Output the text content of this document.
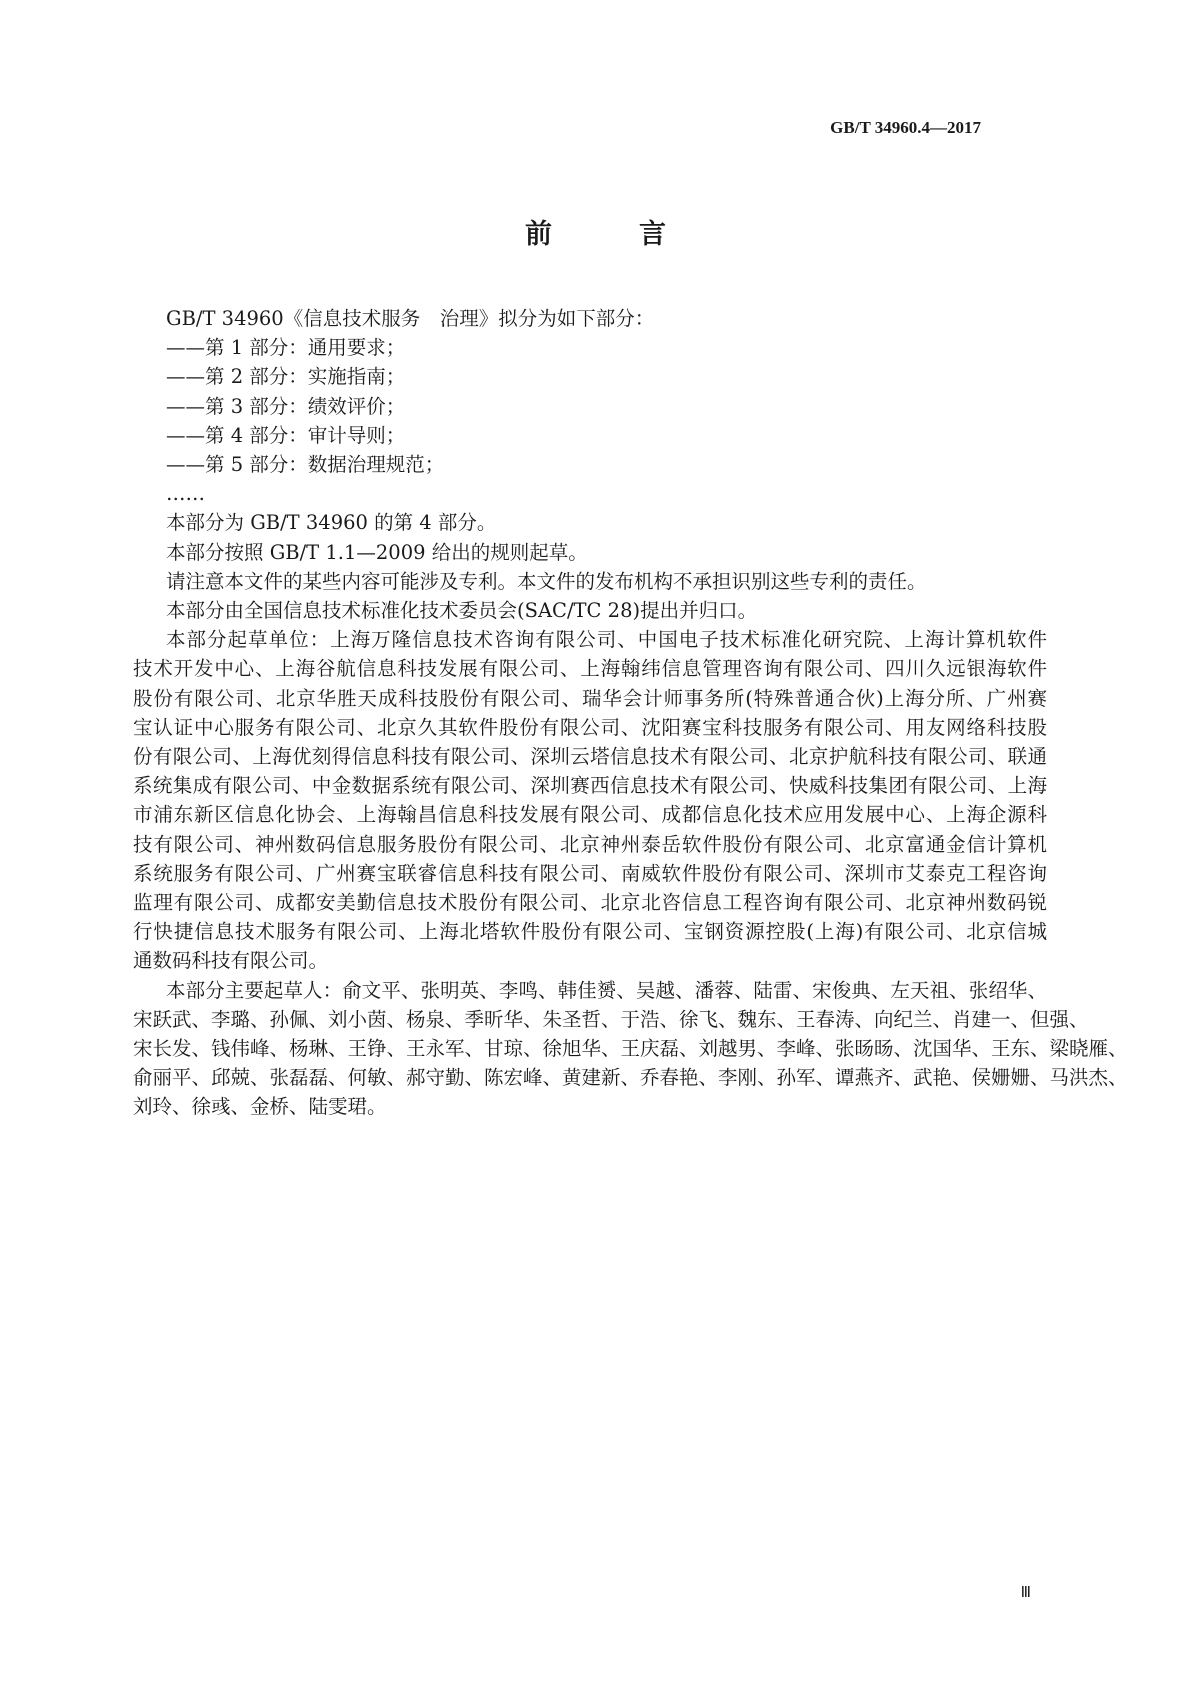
GB/T 34960.4—2017
前　言
GB/T 34960《信息技术服务　治理》拟分为如下部分：
——第 1 部分：通用要求；
——第 2 部分：实施指南；
——第 3 部分：绩效评价；
——第 4 部分：审计导则；
——第 5 部分：数据治理规范；
……
本部分为 GB/T 34960 的第 4 部分。
本部分按照 GB/T 1.1—2009 给出的规则起草。
请注意本文件的某些内容可能涉及专利。本文件的发布机构不承担识别这些专利的责任。
本部分由全国信息技术标准化技术委员会(SAC/TC 28)提出并归口。
本部分起草单位：上海万隆信息技术咨询有限公司、中国电子技术标准化研究院、上海计算机软件
技术开发中心、上海谷航信息科技发展有限公司、上海翰纬信息管理咨询有限公司、四川久远银海软件
股份有限公司、北京华胜天成科技股份有限公司、瑞华会计师事务所(特殊普通合伙)上海分所、广州赛
宝认证中心服务有限公司、北京久其软件股份有限公司、沈阳赛宝科技服务有限公司、用友网络科技股
份有限公司、上海优刻得信息科技有限公司、深圳云塔信息技术有限公司、北京护航科技有限公司、联通
系统集成有限公司、中金数据系统有限公司、深圳赛西信息技术有限公司、快威科技集团有限公司、上海
市浦东新区信息化协会、上海翰昌信息科技发展有限公司、成都信息化技术应用发展中心、上海企源科
技有限公司、神州数码信息服务股份有限公司、北京神州泰岳软件股份有限公司、北京富通金信计算机
系统服务有限公司、广州赛宝联睿信息科技有限公司、南威软件股份有限公司、深圳市艾泰克工程咨询
监理有限公司、成都安美勤信息技术股份有限公司、北京北咨信息工程咨询有限公司、北京神州数码锐
行快捷信息技术服务有限公司、上海北塔软件股份有限公司、宝钢资源控股(上海)有限公司、北京信城
通数码科技有限公司。
本部分主要起草人：俞文平、张明英、李鸣、韩佳赟、吴越、潘蓉、陆雷、宋俊典、左天祖、张绍华、
宋跃武、李璐、孙佩、刘小茵、杨泉、季昕华、朱圣哲、于浩、徐飞、魏东、王春涛、向纪兰、肖建一、但强、
宋长发、钱伟峰、杨琳、王铮、王永军、甘琼、徐旭华、王庆磊、刘越男、李峰、张旸旸、沈国华、王东、梁晓雁、
俞丽平、邱兢、张磊磊、何敏、郝守勤、陈宏峰、黄建新、乔春艳、李刚、孙军、谭燕齐、武艳、侯姗姗、马洪杰、
刘玲、徐彧、金桥、陆雯珺。
Ⅲ
